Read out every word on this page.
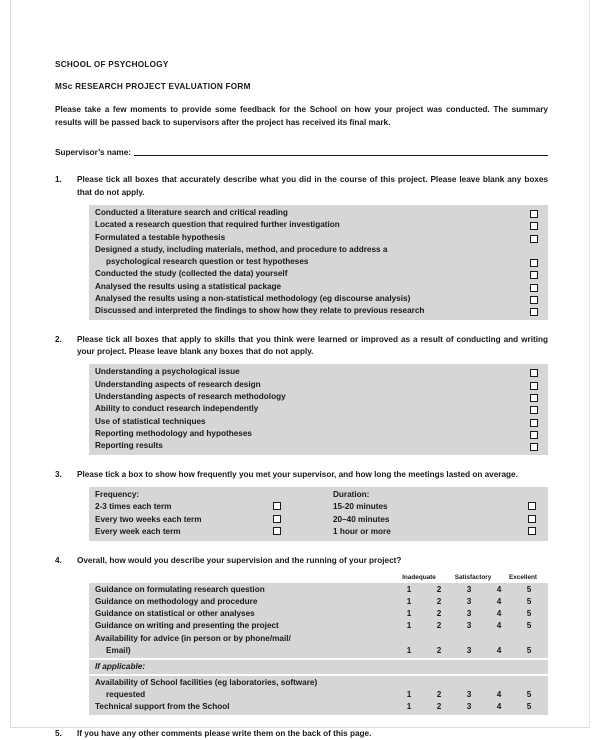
SCHOOL OF PSYCHOLOGY
MSc RESEARCH PROJECT EVALUATION FORM
Please take a few moments to provide some feedback for the School on how your project was conducted. The summary results will be passed back to supervisors after the project has received its final mark.
Supervisor’s name:
1.	Please tick all boxes that accurately describe what you did in the course of this project. Please leave blank any boxes that do not apply.
Conducted a literature search and critical reading
Located a research question that required further investigation
Formulated a testable hypothesis
Designed a study, including materials, method, and procedure to address a
psychological research question or test hypotheses
Conducted the study (collected the data) yourself
Analysed the results using a statistical package
Analysed the results using a non-statistical methodology (eg discourse analysis)
Discussed and interpreted the findings to show how they relate to previous research
2.	Please tick all boxes that apply to skills that you think were learned or improved as a result of conducting and writing your project. Please leave blank any boxes that do not apply.
Understanding a psychological issue
Understanding aspects of research design
Understanding aspects of research methodology
Ability to conduct research independently
Use of statistical techniques
Reporting methodology and hypotheses
Reporting results
3.	Please tick a box to show how frequently you met your supervisor, and how long the meetings lasted on average.
Frequency:	Duration:
2-3 times each term	15-20 minutes
Every two weeks each term	20–40 minutes
Every week each term	1 hour or more
4.	Overall, how would you describe your supervision and the running of your project?
Inadequate	Satisfactory	Excellent
Guidance on formulating research question	1	2	3	4	5
Guidance on methodology and procedure	1	2	3	4	5
Guidance on statistical or other analyses	1	2	3	4	5
Guidance on writing and presenting the project	1	2	3	4	5
Availability for advice (in person or by phone/mail/
Email)	1	2	3	4	5
If applicable:
Availability of School facilities (eg laboratories, software)
requested	1	2	3	4	5
Technical support from the School	1	2	3	4	5
5.	If you have any other comments please write them on the back of this page.
